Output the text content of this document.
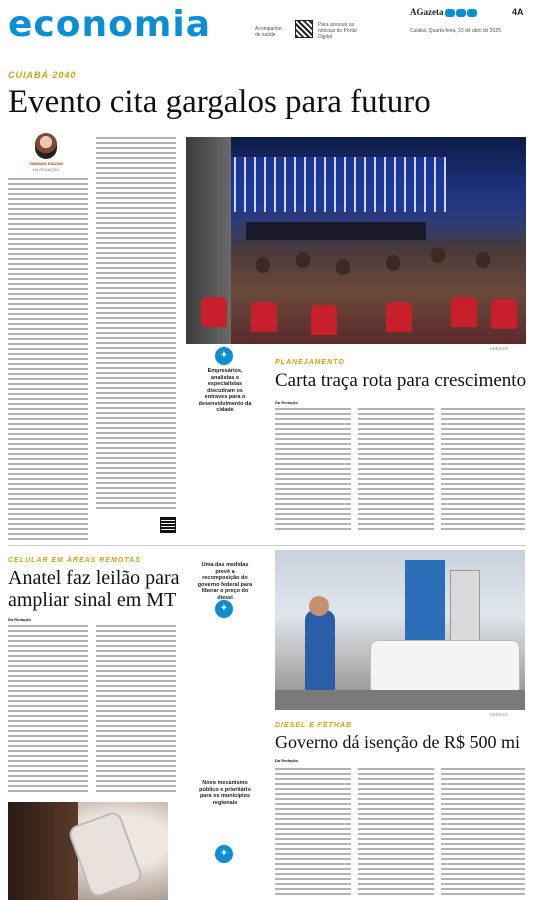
economia	Acompanhe de saúde
Para acessar as notícias do Portal Digital
AGazeta	4A
Cuiabá, Quarta-feira, 23 de abril de 2025
CUIABÁ 2040
Evento cita gargalos para futuro
TAINARA KIAZAN
DA REDAÇÃO
CRÉDITO
✦
Empresários, analistas e especialistas discutiram os entraves para o desenvolvimento da cidade
PLANEJAMENTO
Carta traça rota para crescimento
Da Redação
CELULAR EM ÁREAS REMOTAS
Anatel faz leilão para ampliar sinal em MT
Da Redação
✦
Uma das medidas prevê a recomposição do governo federal para liberar o preço do diesel
CRÉDITO
DIESEL E FETHAB
Governo dá isenção de R$ 500 mi
Da Redação
Novo mecanismo público e prioritário para os municípios regionais
✦
